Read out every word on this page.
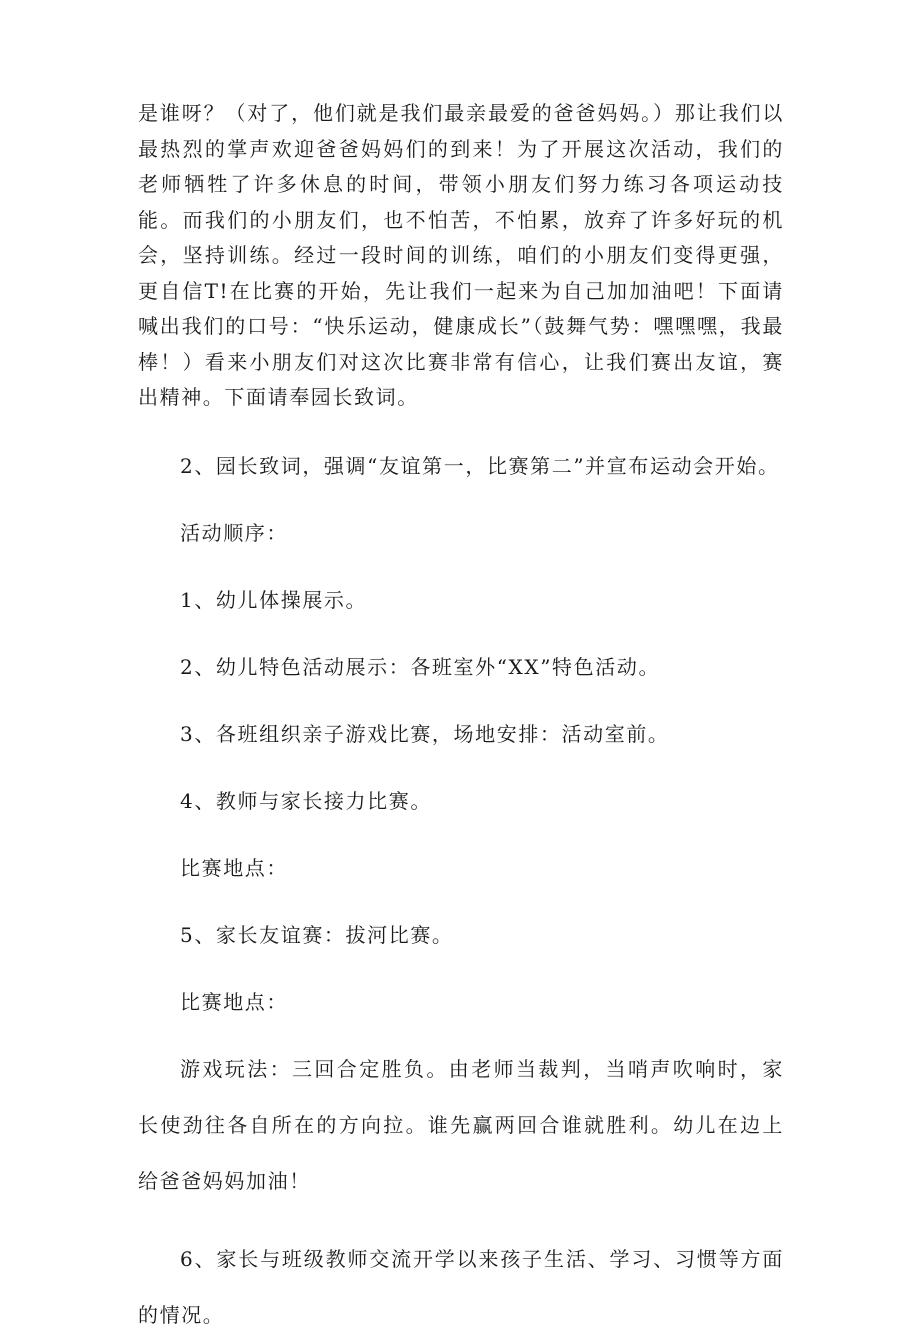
是谁呀？（对了，他们就是我们最亲最爱的爸爸妈妈。）那让我们以最热烈的掌声欢迎爸爸妈妈们的到来！为了开展这次活动，我们的老师牺牲了许多休息的时间，带领小朋友们努力练习各项运动技能。而我们的小朋友们，也不怕苦，不怕累，放弃了许多好玩的机会，坚持训练。经过一段时间的训练，咱们的小朋友们变得更强，更自信T!在比赛的开始，先让我们一起来为自己加加油吧！下面请喊出我们的口号：“快乐运动，健康成长”（鼓舞气势：嘿嘿嘿，我最棒！）看来小朋友们对这次比赛非常有信心，让我们赛出友谊，赛出精神。下面请奉园长致词。

2、园长致词，强调“友谊第一，比赛第二”并宣布运动会开始。

活动顺序：

1、幼儿体操展示。

2、幼儿特色活动展示：各班室外“XX”特色活动。

3、各班组织亲子游戏比赛，场地安排：活动室前。

4、教师与家长接力比赛。

比赛地点：

5、家长友谊赛：拔河比赛。

比赛地点：

游戏玩法：三回合定胜负。由老师当裁判，当哨声吹响时，家长使劲往各自所在的方向拉。谁先赢两回合谁就胜利。幼儿在边上给爸爸妈妈加油！

6、家长与班级教师交流开学以来孩子生活、学习、习惯等方面的情况。
